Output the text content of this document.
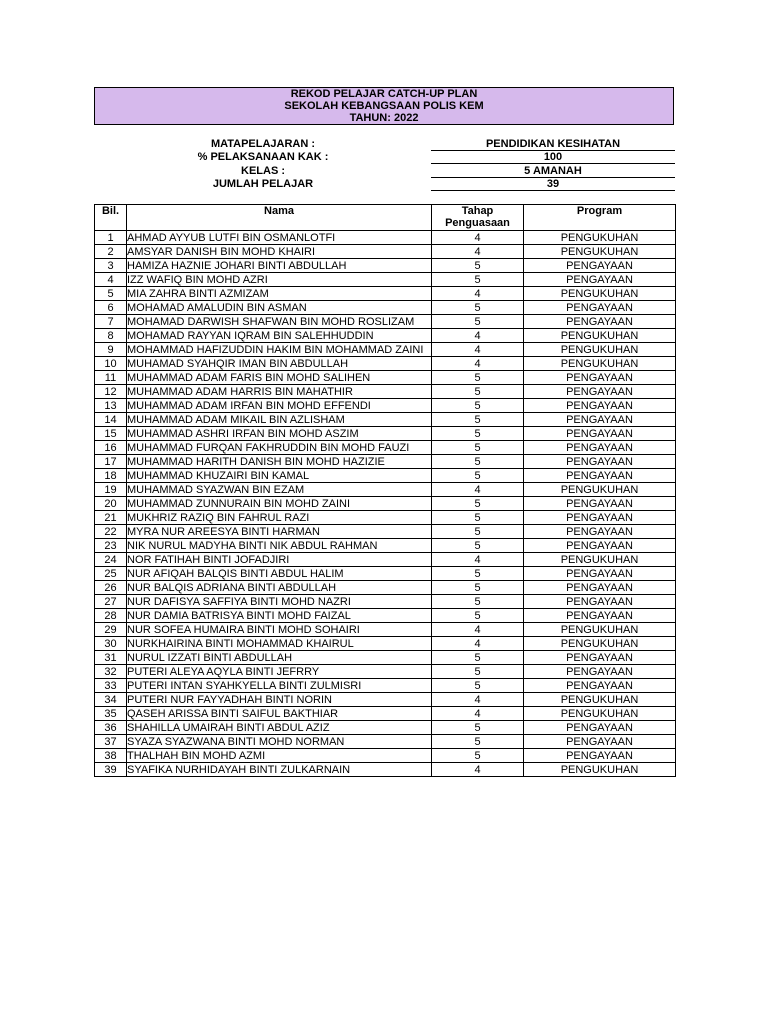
REKOD PELAJAR CATCH-UP PLAN
SEKOLAH KEBANGSAAN POLIS KEM
TAHUN: 2022
MATAPELAJARAN :	PENDIDIKAN KESIHATAN
% PELAKSANAAN KAK :	100
KELAS :	5 AMANAH
JUMLAH PELAJAR	39
Bil.	Nama	Tahap Penguasaan	Program
1	AHMAD AYYUB LUTFI BIN OSMANLOTFI	4	PENGUKUHAN
2	AMSYAR DANISH BIN MOHD KHAIRI	4	PENGUKUHAN
3	HAMIZA HAZNIE JOHARI BINTI ABDULLAH	5	PENGAYAAN
4	IZZ WAFIQ BIN MOHD AZRI	5	PENGAYAAN
5	MIA ZAHRA BINTI AZMIZAM	4	PENGUKUHAN
6	MOHAMAD AMALUDIN BIN ASMAN	5	PENGAYAAN
7	MOHAMAD DARWISH SHAFWAN BIN MOHD ROSLIZAM	5	PENGAYAAN
8	MOHAMAD RAYYAN IQRAM BIN SALEHHUDDIN	4	PENGUKUHAN
9	MOHAMMAD HAFIZUDDIN HAKIM BIN MOHAMMAD ZAINI	4	PENGUKUHAN
10	MUHAMAD SYAHQIR IMAN BIN ABDULLAH	4	PENGUKUHAN
11	MUHAMMAD ADAM FARIS BIN MOHD SALIHEN	5	PENGAYAAN
12	MUHAMMAD ADAM HARRIS BIN MAHATHIR	5	PENGAYAAN
13	MUHAMMAD ADAM IRFAN BIN MOHD EFFENDI	5	PENGAYAAN
14	MUHAMMAD ADAM MIKAIL BIN AZLISHAM	5	PENGAYAAN
15	MUHAMMAD ASHRI IRFAN BIN MOHD ASZIM	5	PENGAYAAN
16	MUHAMMAD FURQAN FAKHRUDDIN BIN MOHD FAUZI	5	PENGAYAAN
17	MUHAMMAD HARITH DANISH BIN MOHD HAZIZIE	5	PENGAYAAN
18	MUHAMMAD KHUZAIRI BIN KAMAL	5	PENGAYAAN
19	MUHAMMAD SYAZWAN BIN EZAM	4	PENGUKUHAN
20	MUHAMMAD ZUNNURAIN BIN MOHD ZAINI	5	PENGAYAAN
21	MUKHRIZ RAZIQ BIN FAHRUL RAZI	5	PENGAYAAN
22	MYRA NUR AREESYA BINTI HARMAN	5	PENGAYAAN
23	NIK NURUL MADYHA BINTI NIK ABDUL RAHMAN	5	PENGAYAAN
24	NOR FATIHAH BINTI JOFADJIRI	4	PENGUKUHAN
25	NUR AFIQAH BALQIS BINTI ABDUL HALIM	5	PENGAYAAN
26	NUR BALQIS ADRIANA BINTI ABDULLAH	5	PENGAYAAN
27	NUR DAFISYA SAFFIYA BINTI MOHD NAZRI	5	PENGAYAAN
28	NUR DAMIA BATRISYA BINTI MOHD FAIZAL	5	PENGAYAAN
29	NUR SOFEA HUMAIRA BINTI MOHD SOHAIRI	4	PENGUKUHAN
30	NURKHAIRINA BINTI MOHAMMAD KHAIRUL	4	PENGUKUHAN
31	NURUL IZZATI BINTI ABDULLAH	5	PENGAYAAN
32	PUTERI ALEYA AQYLA BINTI JEFRRY	5	PENGAYAAN
33	PUTERI INTAN SYAHKYELLA BINTI ZULMISRI	5	PENGAYAAN
34	PUTERI NUR FAYYADHAH BINTI NORIN	4	PENGUKUHAN
35	QASEH ARISSA BINTI SAIFUL BAKTHIAR	4	PENGUKUHAN
36	SHAHILLA UMAIRAH BINTI ABDUL AZIZ	5	PENGAYAAN
37	SYAZA SYAZWANA BINTI MOHD NORMAN	5	PENGAYAAN
38	THALHAH BIN MOHD AZMI	5	PENGAYAAN
39	SYAFIKA NURHIDAYAH BINTI ZULKARNAIN	4	PENGUKUHAN
